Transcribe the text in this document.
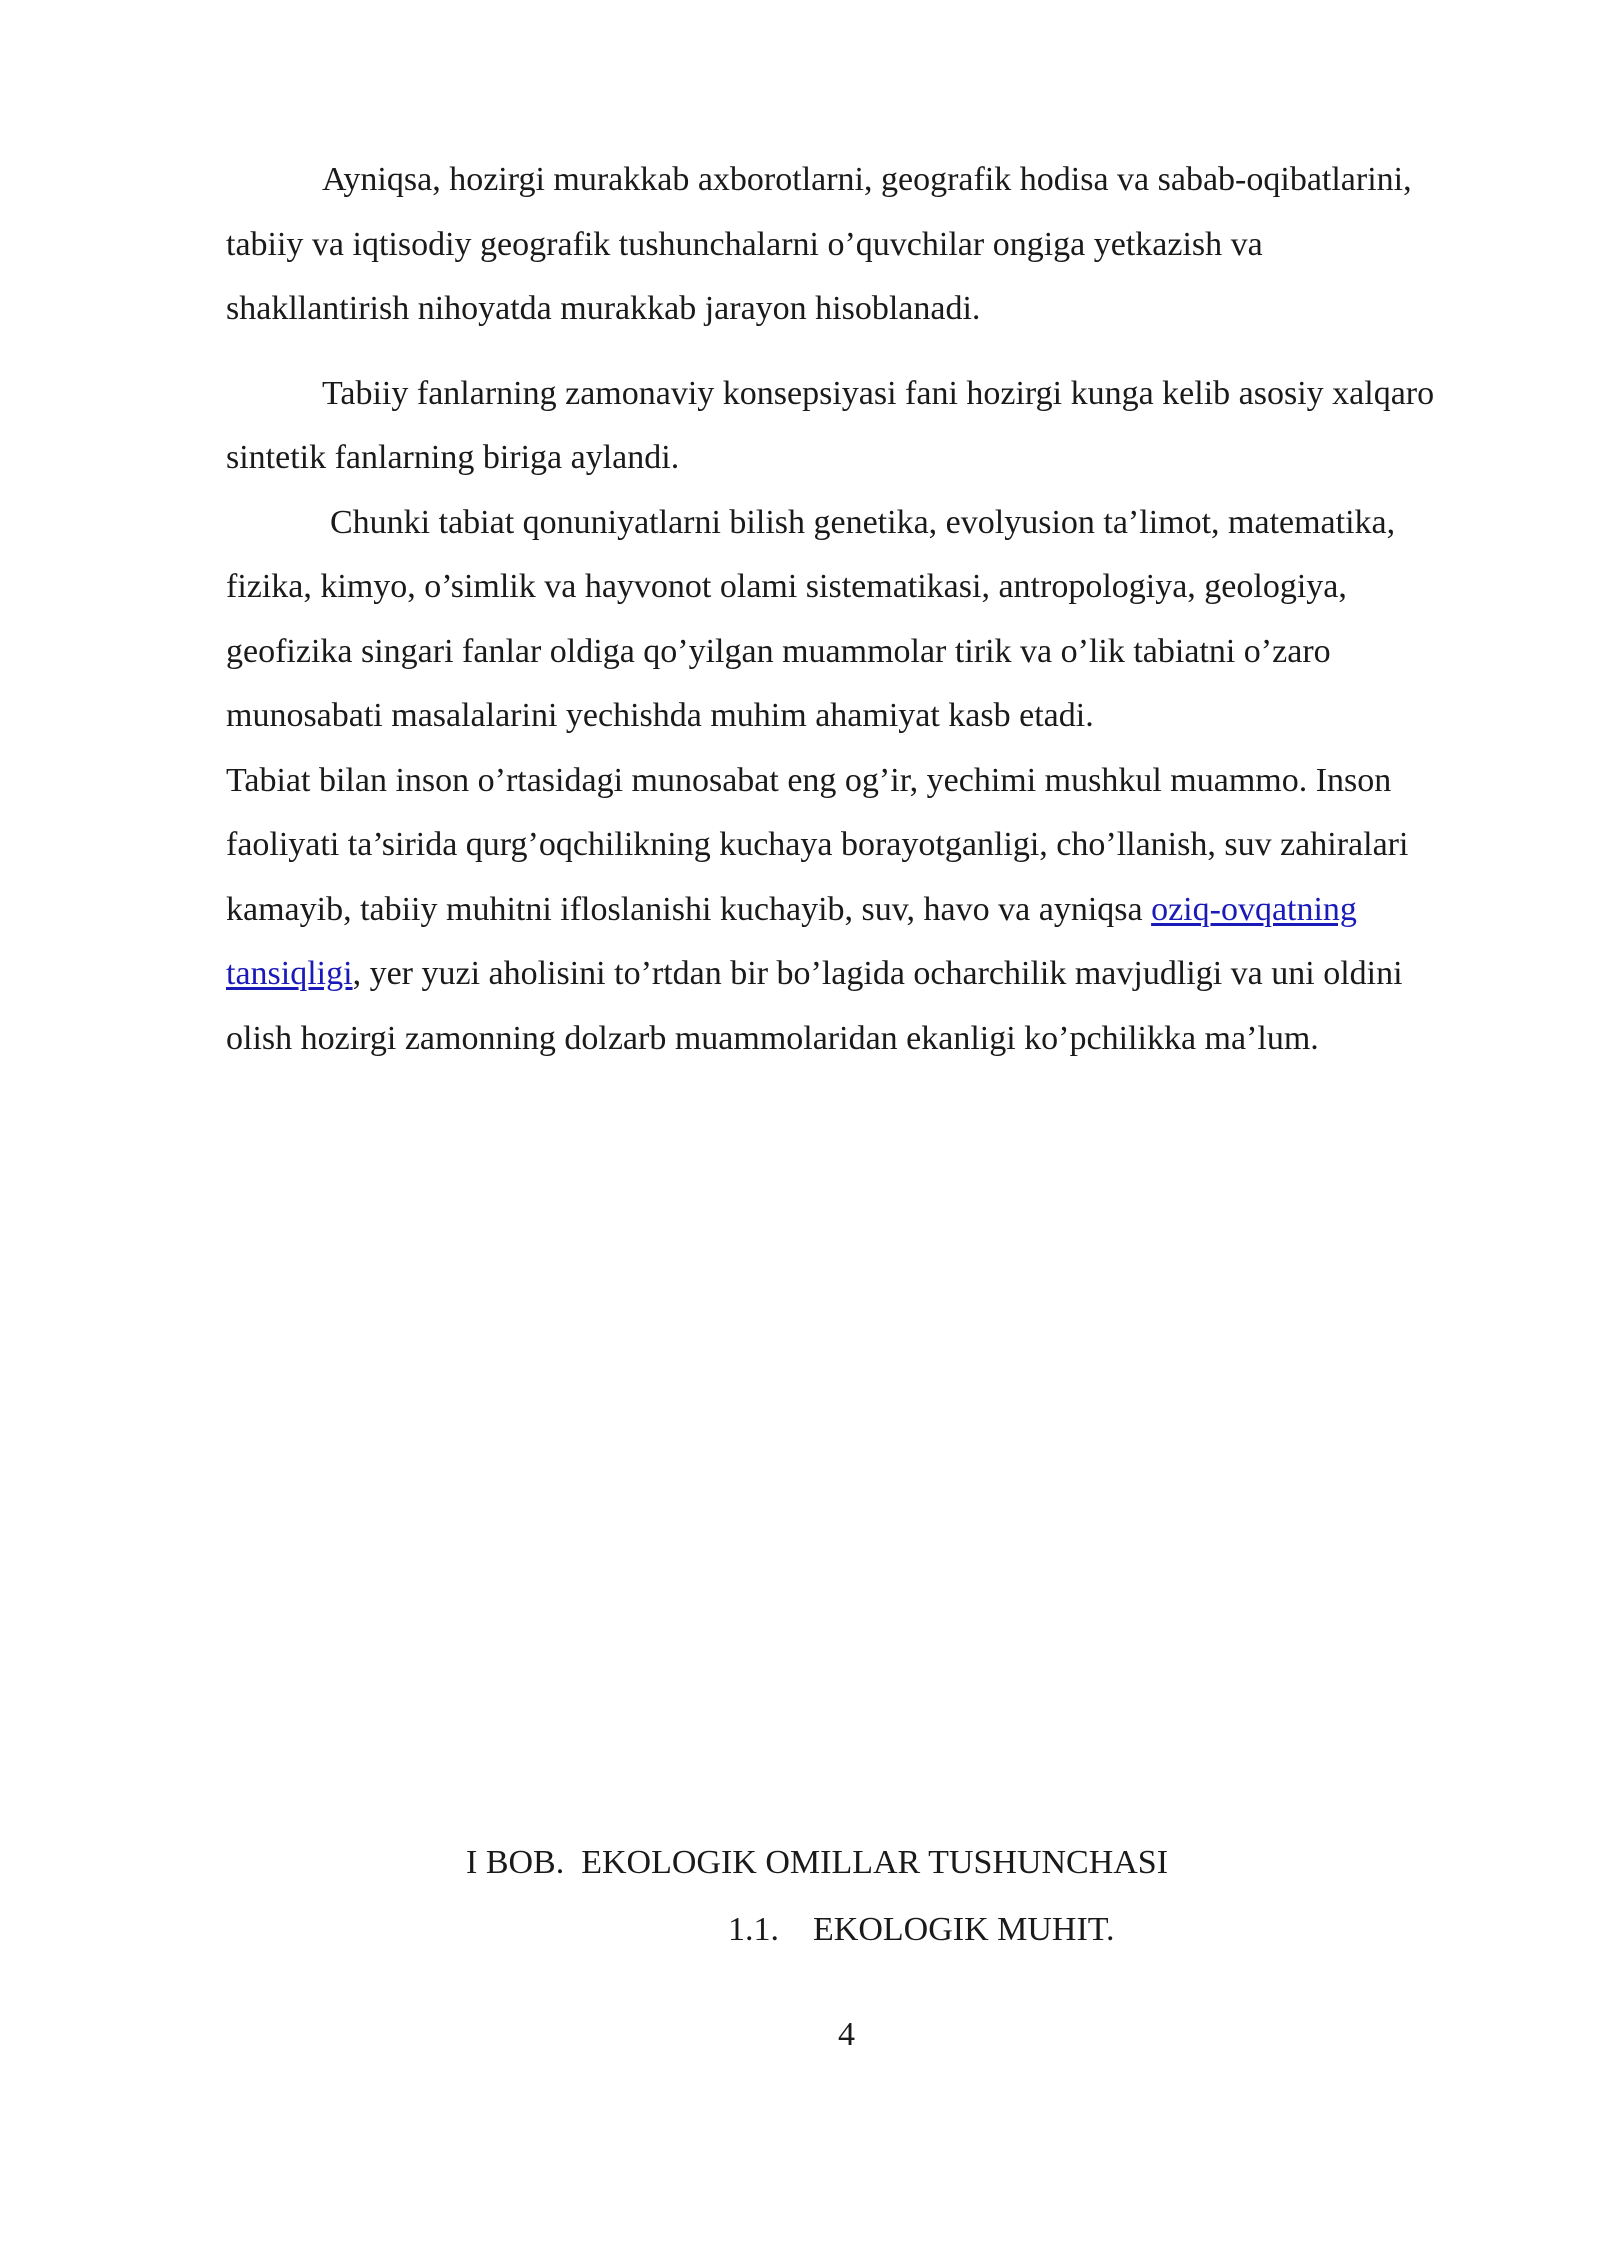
Ayniqsa, hozirgi murakkab axborotlarni, geografik hodisa va sabab-oqibatlarini, tabiiy va iqtisodiy geografik tushunchalarni o’quvchilar ongiga yetkazish va shakllantirish nihoyatda murakkab jarayon hisoblanadi.

Tabiiy fanlarning zamonaviy konsepsiyasi fani hozirgi kunga kelib asosiy xalqaro sintetik fanlarning biriga aylandi.

Chunki tabiat qonuniyatlarni bilish genetika, evolyusion ta’limot, matematika, fizika, kimyo, o’simlik va hayvonot olami sistematikasi, antropologiya, geologiya, geofizika singari fanlar oldiga qo’yilgan muammolar tirik va o’lik tabiatni o’zaro munosabati masalalarini yechishda muhim ahamiyat kasb etadi.

Tabiat bilan inson o’rtasidagi munosabat eng og’ir, yechimi mushkul muammo. Inson faoliyati ta’sirida qurg’oqchilikning kuchaya borayotganligi, cho’llanish, suv zahiralari kamayib, tabiiy muhitni ifloslanishi kuchayib, suv, havo va ayniqsa oziq-ovqatning tansiqligi, yer yuzi aholisini to’rtdan bir bo’lagida ocharchilik mavjudligi va uni oldini olish hozirgi zamonning dolzarb muammolaridan ekanligi ko’pchilikka ma’lum.

I BOB.  EKOLOGIK OMILLAR TUSHUNCHASI
1.1.    EKOLOGIK MUHIT.
4
